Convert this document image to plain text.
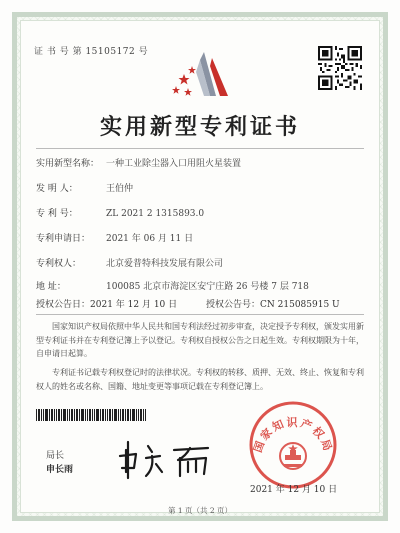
证 书 号 第 15105172 号
实用新型专利证书
实用新型名称： 一种工业除尘器入口用阻火星装置
发 明 人：	王伯仲
专 利 号：	ZL 2021 2 1315893.0
专利申请日： 2021 年 06 月 11 日
专利权人：	北京爱普特科技发展有限公司
地 址：	100085 北京市海淀区安宁庄路 26 号楼 7 层 718
授权公告日：2021 年 12 月 10 日	授权公告号：CN 215085915 U
国家知识产权局依照中华人民共和国专利法经过初步审查，决定授予专利权，颁发实用新型专利证书并在专利登记簿上予以登记。专利权自授权公告之日起生效。专利权期限为十年，自申请日起算。
专利证书记载专利权登记时的法律状况。专利权的转移、质押、无效、终止、恢复和专利权人的姓名或名称、国籍、地址变更等事项记载在专利登记簿上。
局长
申长雨
国家知识产权局
2021 年 12 月 10 日
第 1 页（共 2 页）
